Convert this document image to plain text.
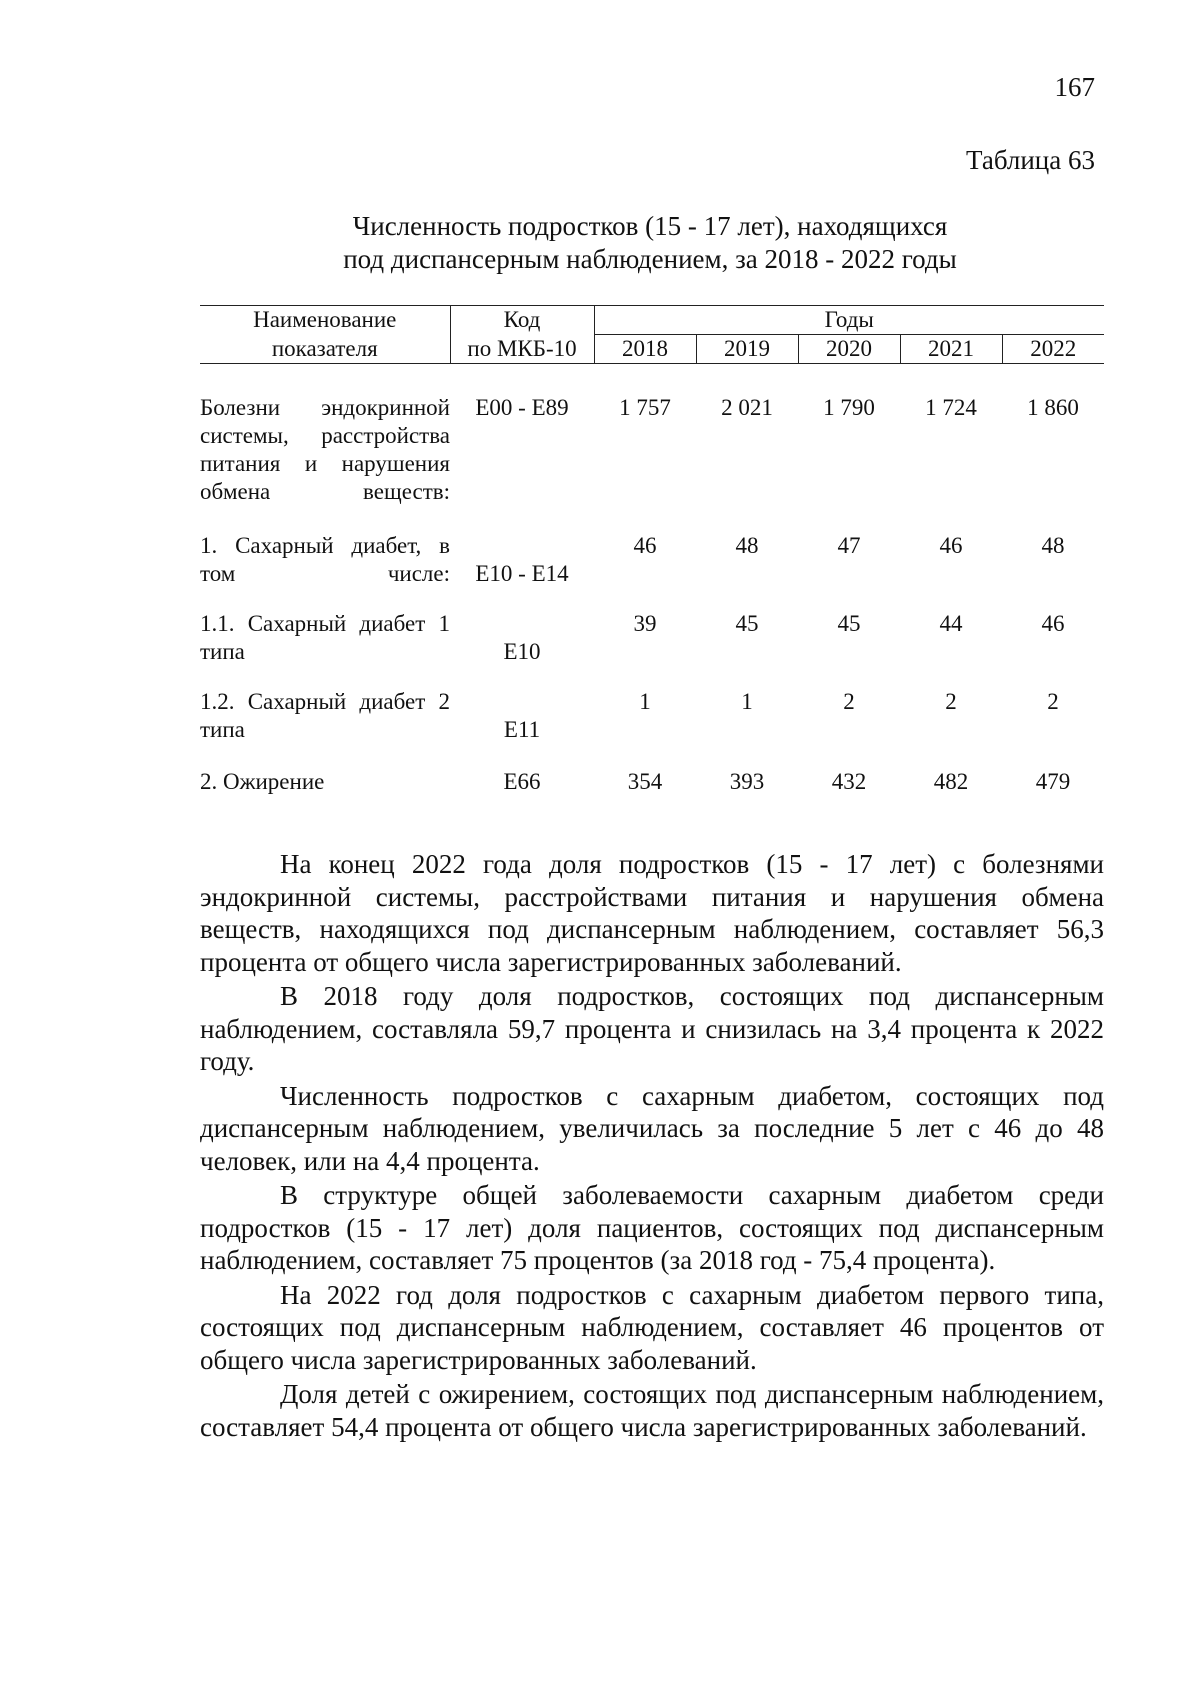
167
Таблица 63
Численность подростков (15 - 17 лет), находящихся
под диспансерным наблюдением, за 2018 - 2022 годы
Наименование	Код	Годы				
показателя	по МКБ-10	2018	2019	2020	2021	2022

Болезни эндокринной системы, расстройства питания и нарушения обмена веществ:	E00 - E89	1 757	2 021	1 790	1 724	1 860

1. Сахарный диабет, в том числе:	E10 - E14	46	48	47	46	48

1.1. Сахарный диабет 1 типа	E10	39	45	45	44	46

1.2. Сахарный диабет 2 типа	E11	1	1	2	2	2

2. Ожирение	E66	354	393	432	482	479

На конец 2022 года доля подростков (15 - 17 лет) с болезнями эндокринной системы, расстройствами питания и нарушения обмена веществ, находящихся под диспансерным наблюдением, составляет 56,3 процента от общего числа зарегистрированных заболеваний.

В 2018 году доля подростков, состоящих под диспансерным наблюдением, составляла 59,7 процента и снизилась на 3,4 процента к 2022 году.

Численность подростков с сахарным диабетом, состоящих под диспансерным наблюдением, увеличилась за последние 5 лет с 46 до 48 человек, или на 4,4 процента.

В структуре общей заболеваемости сахарным диабетом среди подростков (15 - 17 лет) доля пациентов, состоящих под диспансерным наблюдением, составляет 75 процентов (за 2018 год - 75,4 процента).

На 2022 год доля подростков с сахарным диабетом первого типа, состоящих под диспансерным наблюдением, составляет 46 процентов от общего числа зарегистрированных заболеваний.

Доля детей с ожирением, состоящих под диспансерным наблюдением, составляет 54,4 процента от общего числа зарегистрированных заболеваний.
